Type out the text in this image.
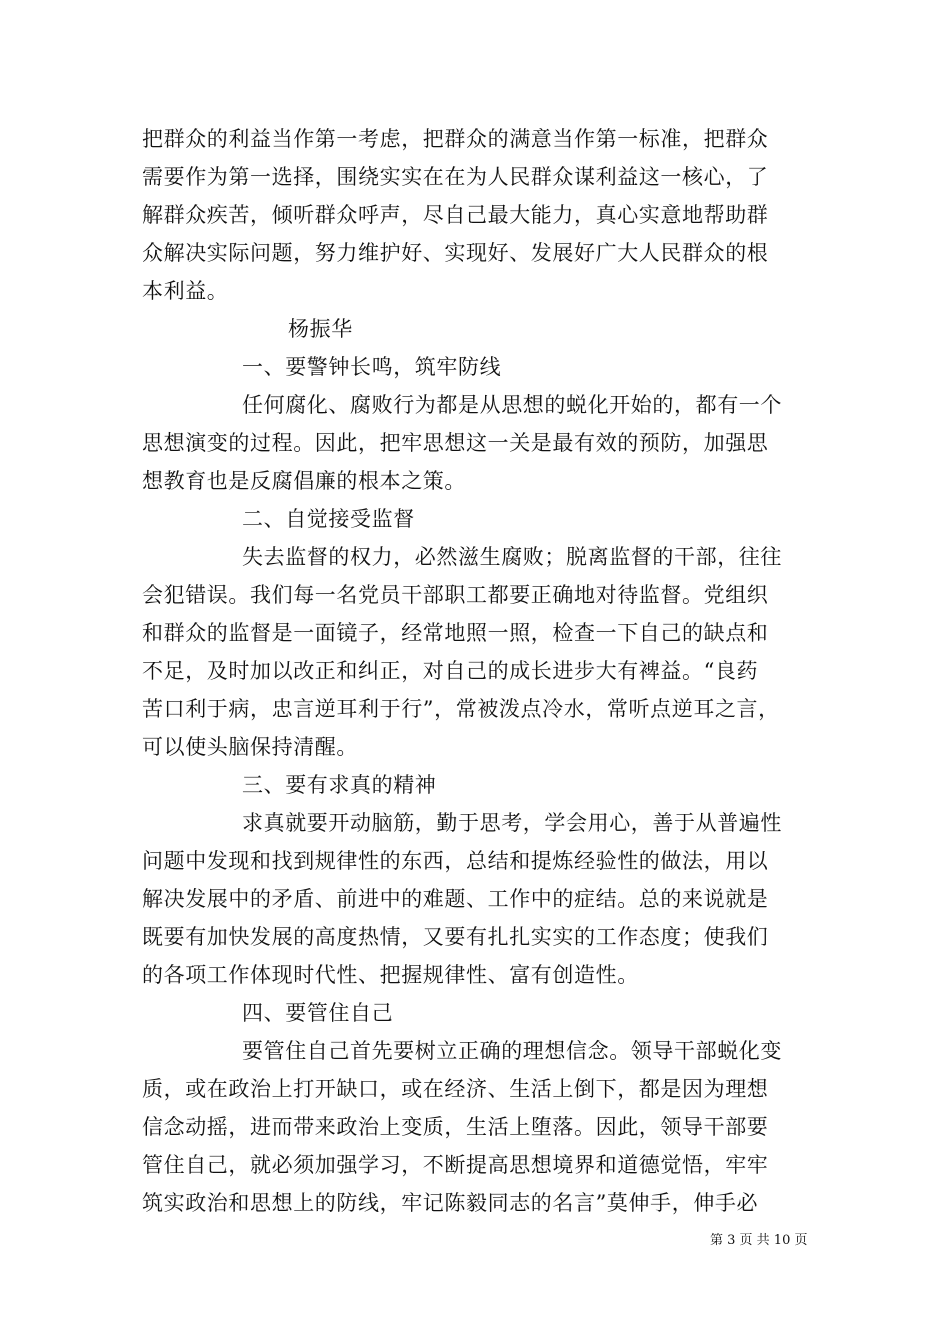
把群众的利益当作第一考虑，把群众的满意当作第一标准，把群众
需要作为第一选择，围绕实实在在为人民群众谋利益这一核心，了
解群众疾苦，倾听群众呼声，尽自己最大能力，真心实意地帮助群
众解决实际问题，努力维护好、实现好、发展好广大人民群众的根
本利益。
杨振华
一、要警钟长鸣，筑牢防线
任何腐化、腐败行为都是从思想的蜕化开始的，都有一个
思想演变的过程。因此，把牢思想这一关是最有效的预防，加强思
想教育也是反腐倡廉的根本之策。
二、自觉接受监督
失去监督的权力，必然滋生腐败；脱离监督的干部，往往
会犯错误。我们每一名党员干部职工都要正确地对待监督。党组织
和群众的监督是一面镜子，经常地照一照，检查一下自己的缺点和
不足，及时加以改正和纠正，对自己的成长进步大有裨益。“良药
苦口利于病，忠言逆耳利于行”，常被泼点冷水，常听点逆耳之言，
可以使头脑保持清醒。
三、要有求真的精神
求真就要开动脑筋，勤于思考，学会用心，善于从普遍性
问题中发现和找到规律性的东西，总结和提炼经验性的做法，用以
解决发展中的矛盾、前进中的难题、工作中的症结。总的来说就是
既要有加快发展的高度热情，又要有扎扎实实的工作态度；使我们
的各项工作体现时代性、把握规律性、富有创造性。
四、要管住自己
要管住自己首先要树立正确的理想信念。领导干部蜕化变
质，或在政治上打开缺口，或在经济、生活上倒下，都是因为理想
信念动摇，进而带来政治上变质，生活上堕落。因此，领导干部要
管住自己，就必须加强学习，不断提高思想境界和道德觉悟，牢牢
筑实政治和思想上的防线，牢记陈毅同志的名言”莫伸手，伸手必
第 3 页 共 10 页
